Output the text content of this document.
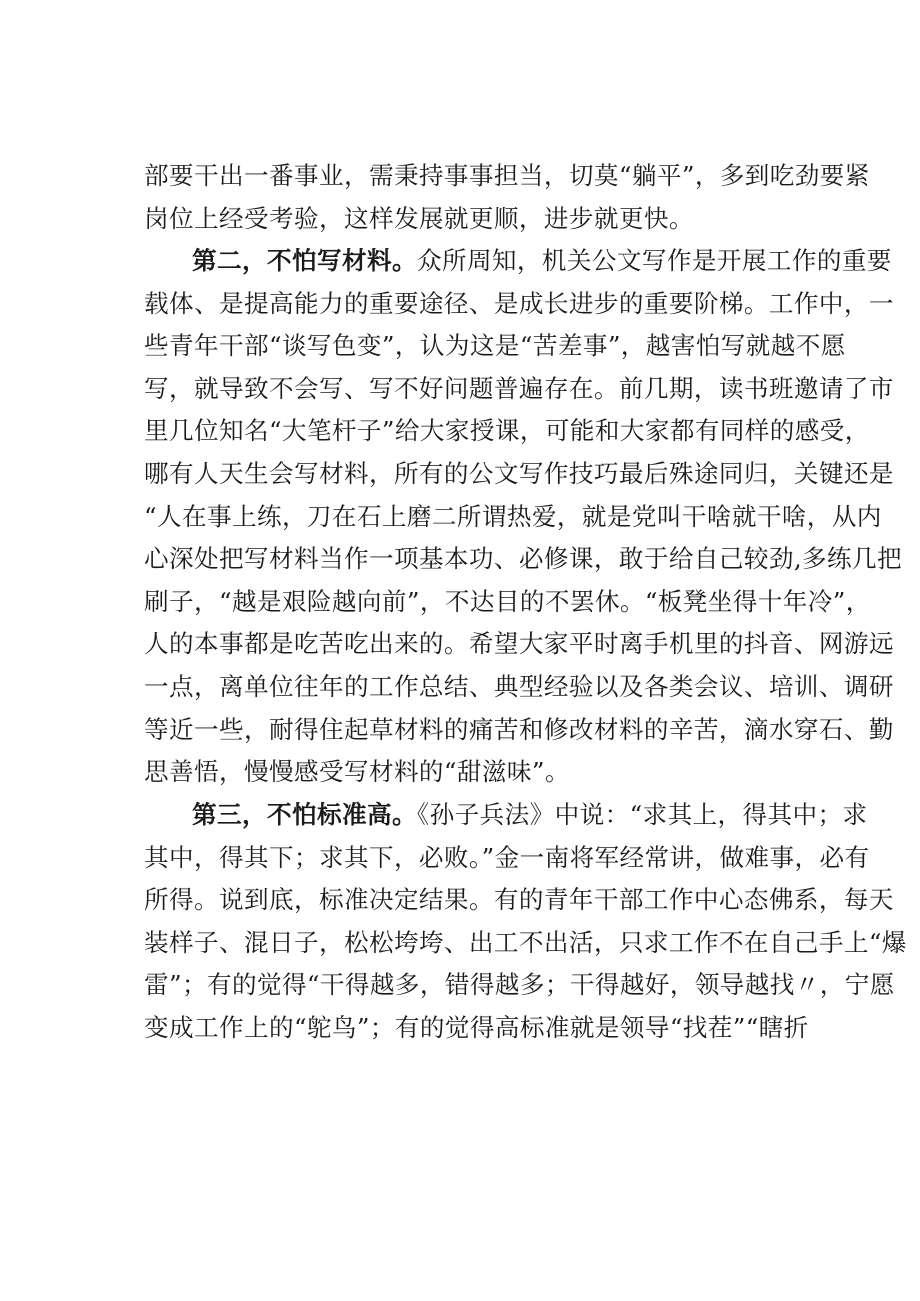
部要干出一番事业，需秉持事事担当，切莫“躺平”，多到吃劲要紧
岗位上经受考验，这样发展就更顺，进步就更快。
第二，不怕写材料。众所周知，机关公文写作是开展工作的重要
载体、是提高能力的重要途径、是成长进步的重要阶梯。工作中，一
些青年干部“谈写色变”，认为这是“苦差事”，越害怕写就越不愿
写，就导致不会写、写不好问题普遍存在。前几期，读书班邀请了市
里几位知名“大笔杆子”给大家授课，可能和大家都有同样的感受，
哪有人天生会写材料，所有的公文写作技巧最后殊途同归，关键还是
“人在事上练，刀在石上磨二所谓热爱，就是党叫干啥就干啥，从内
心深处把写材料当作一项基本功、必修课，敢于给自己较劲,多练几把
刷子，“越是艰险越向前”，不达目的不罢休。“板凳坐得十年冷”，
人的本事都是吃苦吃出来的。希望大家平时离手机里的抖音、网游远
一点，离单位往年的工作总结、典型经验以及各类会议、培训、调研
等近一些，耐得住起草材料的痛苦和修改材料的辛苦，滴水穿石、勤
思善悟，慢慢感受写材料的“甜滋味”。
第三，不怕标准高。《孙子兵法》中说：“求其上，得其中；求
其中，得其下；求其下，必败。”金一南将军经常讲，做难事，必有
所得。说到底，标准决定结果。有的青年干部工作中心态佛系，每天
装样子、混日子，松松垮垮、出工不出活，只求工作不在自己手上“爆
雷”；有的觉得“干得越多，错得越多；干得越好，领导越找〃，宁愿
变成工作上的“鸵鸟”；有的觉得高标准就是领导“找茬”“瞎折
